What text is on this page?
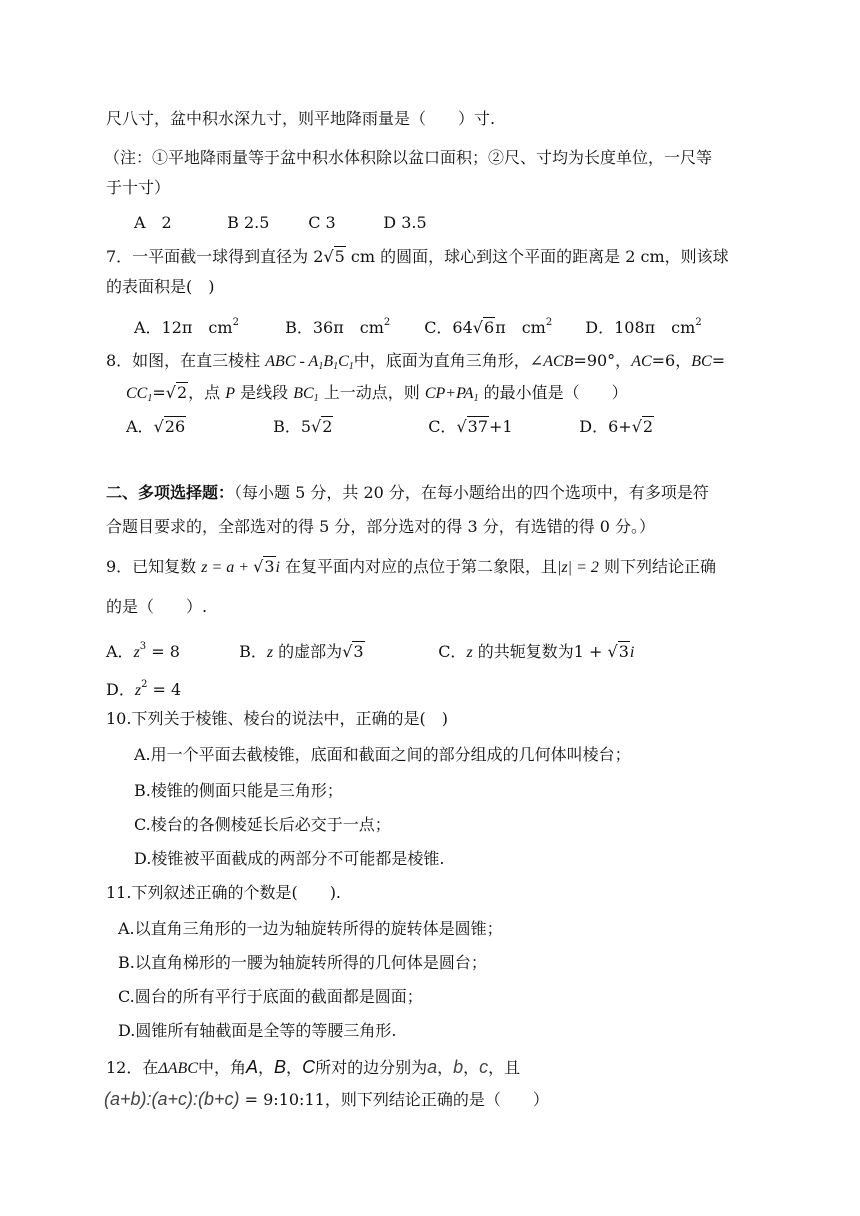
尺八寸，盆中积水深九寸，则平地降雨量是（　　）寸.
（注：①平地降雨量等于盆中积水体积除以盆口面积；②尺、寸均为长度单位，一尺等
于十寸）
A　2	B 2.5 C 3	D 3.5
7．一平面截一球得到直径为 2√5 cm 的圆面，球心到这个平面的距离是 2 cm，则该球
的表面积是(　)
A．12π　$cm^2$	B．36π　$cm^2$ C．64√6π　$cm^2$ D．108π　$cm^2$
8．如图，在直三棱柱 ABC - $A_1B_1C_1$中，底面为直角三角形，∠ACB=90°，AC=6，BC=
$CC_1=√2$，点 P 是线段 $BC_1$ 上一动点，则 $CP+PA_1$ 的最小值是（　　）
A．√26	B．5√2	C．√37+1	D．6+√2
二、多项选择题：（每小题 5 分，共 20 分，在每小题给出的四个选项中，有多项是符
合题目要求的，全部选对的得 5 分，部分选对的得 3 分，有选错的得 0 分。）
9．已知复数 z = a + √3i 在复平面内对应的点位于第二象限，且|z| = 2 则下列结论正确
的是（　　）.
A．$z^3 = 8$	B．z 的虚部为√3	C．z 的共轭复数为1 + √3i
D．$z^2 = 4$
10.下列关于棱锥、棱台的说法中，正确的是(　)
A.用一个平面去截棱锥，底面和截面之间的部分组成的几何体叫棱台；
B.棱锥的侧面只能是三角形；
C.棱台的各侧棱延长后必交于一点；
D.棱锥被平面截成的两部分不可能都是棱锥.
11.下列叙述正确的个数是(　　).
A.以直角三角形的一边为轴旋转所得的旋转体是圆锥；
B.以直角梯形的一腰为轴旋转所得的几何体是圆台；
C.圆台的所有平行于底面的截面都是圆面；
D.圆锥所有轴截面是全等的等腰三角形.
12．在ΔABC中，角A，B，C所对的边分别为a，b，c，且
(a+b):(a+c):(b+c) = 9:10:11，则下列结论正确的是（　　）
